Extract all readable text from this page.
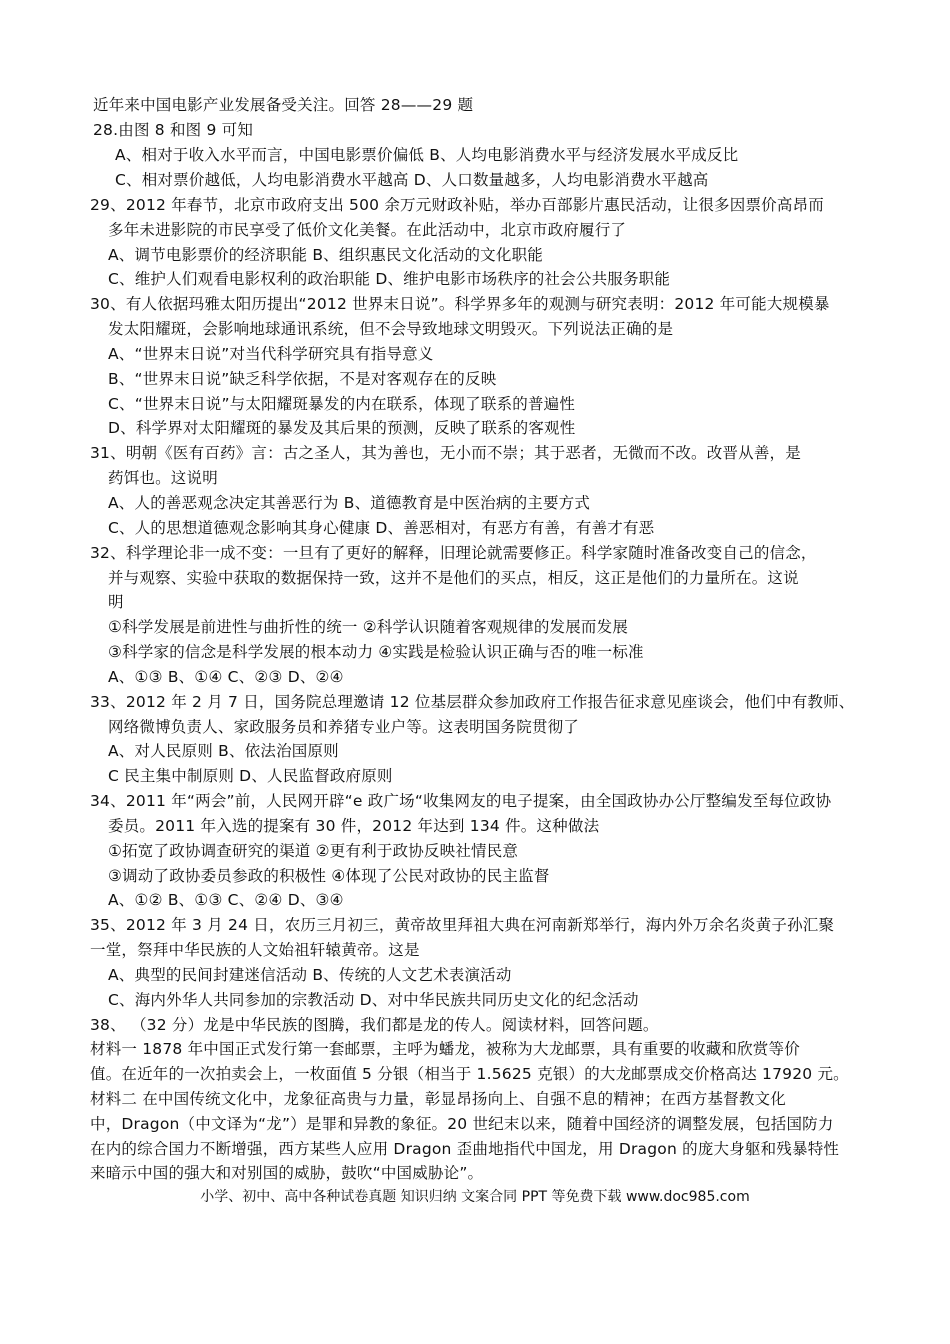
近年来中国电影产业发展备受关注。回答 28——29 题
28.由图 8 和图 9 可知
A、相对于收入水平而言，中国电影票价偏低 B、人均电影消费水平与经济发展水平成反比
C、相对票价越低，人均电影消费水平越高 D、人口数量越多，人均电影消费水平越高
29、2012 年春节，北京市政府支出 500 余万元财政补贴，举办百部影片惠民活动，让很多因票价高昂而
多年未进影院的市民享受了低价文化美餐。在此活动中，北京市政府履行了
A、调节电影票价的经济职能 B、组织惠民文化活动的文化职能
C、维护人们观看电影权利的政治职能 D、维护电影市场秩序的社会公共服务职能
30、有人依据玛雅太阳历提出“2012 世界末日说”。科学界多年的观测与研究表明：2012 年可能大规模暴
发太阳耀斑，会影响地球通讯系统，但不会导致地球文明毁灭。下列说法正确的是
A、“世界末日说”对当代科学研究具有指导意义
B、“世界末日说”缺乏科学依据，不是对客观存在的反映
C、“世界末日说”与太阳耀斑暴发的内在联系，体现了联系的普遍性
D、科学界对太阳耀斑的暴发及其后果的预测，反映了联系的客观性
31、明朝《医有百药》言：古之圣人，其为善也，无小而不崇；其于恶者，无微而不改。改晋从善，是
药饵也。这说明
A、人的善恶观念决定其善恶行为 B、道德教育是中医治病的主要方式
C、人的思想道德观念影响其身心健康 D、善恶相对，有恶方有善，有善才有恶
32、科学理论非一成不变：一旦有了更好的解释，旧理论就需要修正。科学家随时准备改变自己的信念，
并与观察、实验中获取的数据保持一致，这并不是他们的买点，相反，这正是他们的力量所在。这说
明
①科学发展是前进性与曲折性的统一 ②科学认识随着客观规律的发展而发展
③科学家的信念是科学发展的根本动力 ④实践是检验认识正确与否的唯一标准
A、①③ B、①④ C、②③ D、②④
33、2012 年 2 月 7 日，国务院总理邀请 12 位基层群众参加政府工作报告征求意见座谈会，他们中有教师、
网络微博负责人、家政服务员和养猪专业户等。这表明国务院贯彻了
A、对人民原则 B、依法治国原则
C 民主集中制原则 D、人民监督政府原则
34、2011 年“两会”前，人民网开辟“e 政广场“收集网友的电子提案，由全国政协办公厅整编发至每位政协
委员。2011 年入选的提案有 30 件，2012 年达到 134 件。这种做法
①拓宽了政协调查研究的渠道 ②更有利于政协反映社情民意
③调动了政协委员参政的积极性 ④体现了公民对政协的民主监督
A、①② B、①③ C、②④ D、③④
35、2012 年 3 月 24 日，农历三月初三，黄帝故里拜祖大典在河南新郑举行，海内外万余名炎黄子孙汇聚
一堂，祭拜中华民族的人文始祖轩辕黄帝。这是
A、典型的民间封建迷信活动 B、传统的人文艺术表演活动
C、海内外华人共同参加的宗教活动 D、对中华民族共同历史文化的纪念活动
38、 （32 分）龙是中华民族的图腾，我们都是龙的传人。阅读材料，回答问题。
材料一 1878 年中国正式发行第一套邮票，主呼为蟠龙，被称为大龙邮票，具有重要的收藏和欣赏等价
值。在近年的一次拍卖会上，一枚面值 5 分银（相当于 1.5625 克银）的大龙邮票成交价格高达 17920 元。
材料二 在中国传统文化中，龙象征高贵与力量，彰显昂扬向上、自强不息的精神；在西方基督教文化
中，Dragon（中文译为“龙”）是罪和异教的象征。20 世纪末以来，随着中国经济的调整发展，包括国防力
在内的综合国力不断增强，西方某些人应用 Dragon 歪曲地指代中国龙，用 Dragon 的庞大身躯和残暴特性
来暗示中国的强大和对别国的威胁，鼓吹“中国威胁论”。
小学、初中、高中各种试卷真题 知识归纳 文案合同 PPT 等免费下载 www.doc985.com
